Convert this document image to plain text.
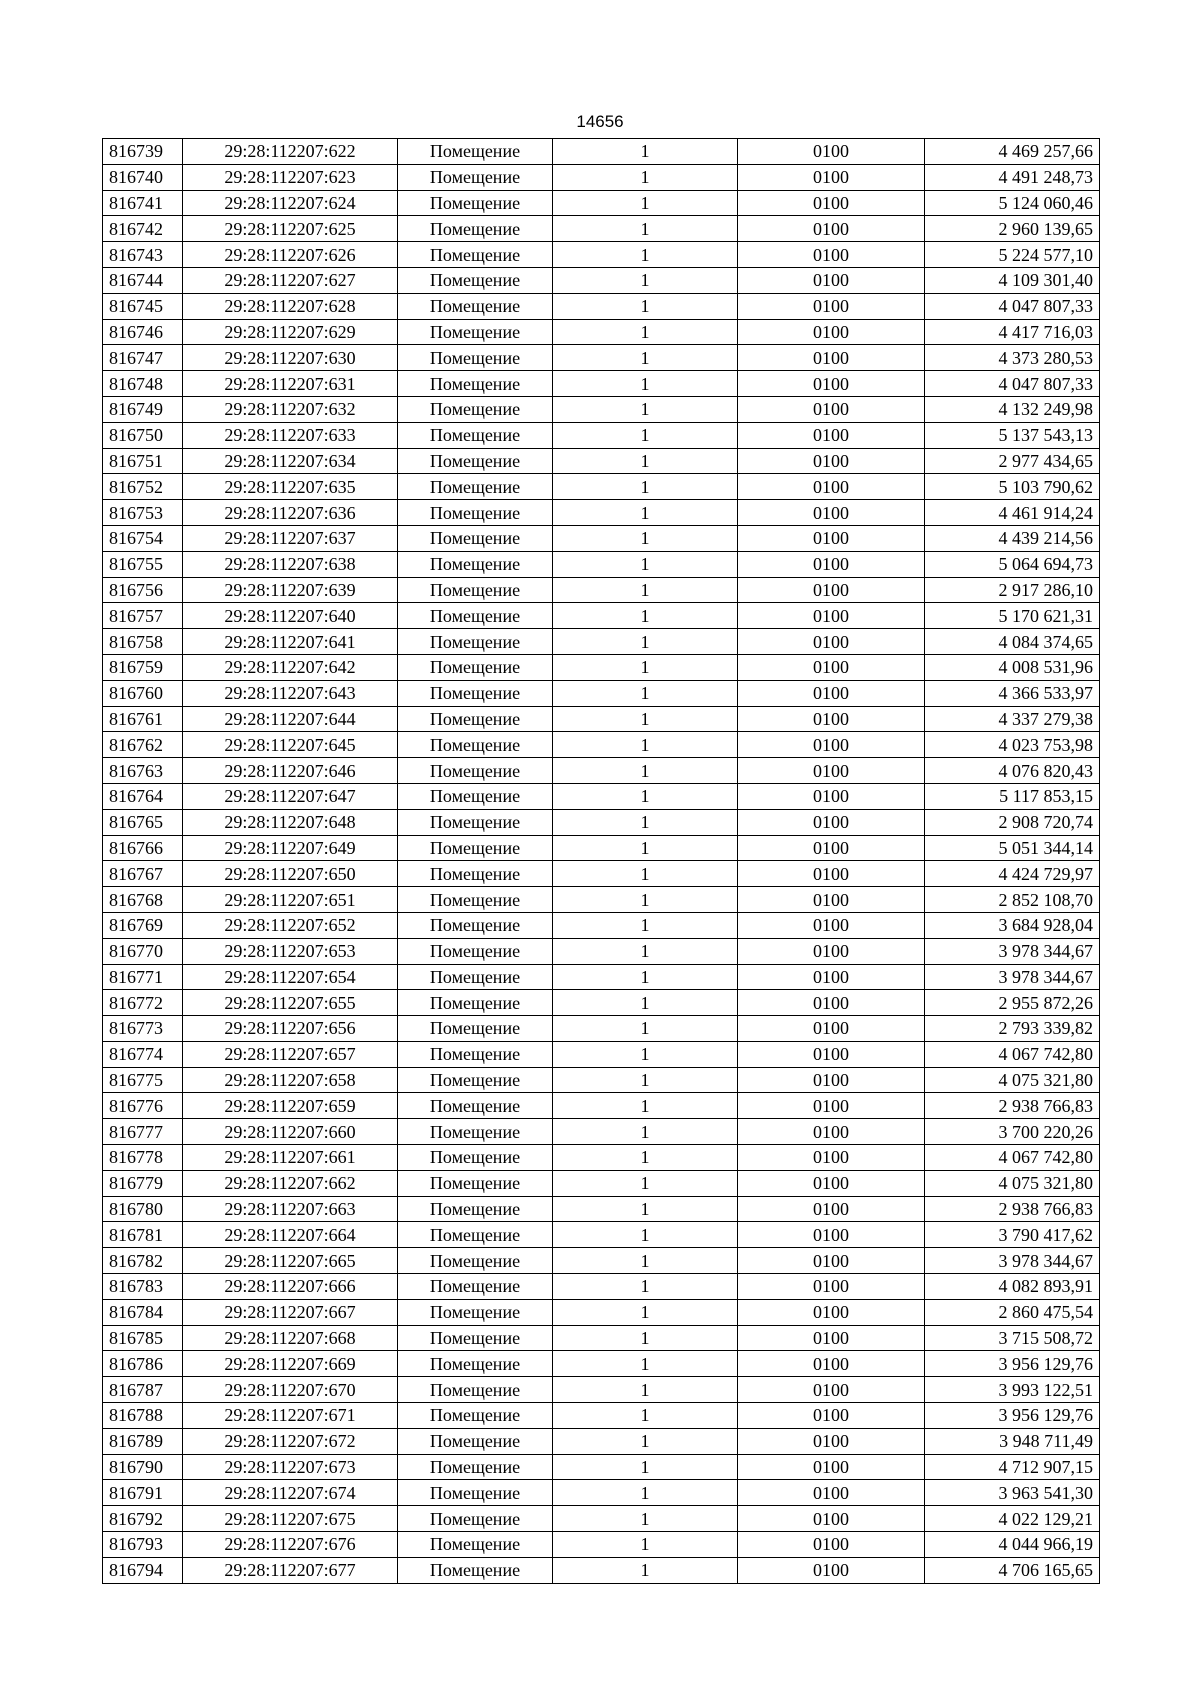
14656
816739	29:28:112207:622	Помещение	1	0100	4 469 257,66
816740	29:28:112207:623	Помещение	1	0100	4 491 248,73
816741	29:28:112207:624	Помещение	1	0100	5 124 060,46
816742	29:28:112207:625	Помещение	1	0100	2 960 139,65
816743	29:28:112207:626	Помещение	1	0100	5 224 577,10
816744	29:28:112207:627	Помещение	1	0100	4 109 301,40
816745	29:28:112207:628	Помещение	1	0100	4 047 807,33
816746	29:28:112207:629	Помещение	1	0100	4 417 716,03
816747	29:28:112207:630	Помещение	1	0100	4 373 280,53
816748	29:28:112207:631	Помещение	1	0100	4 047 807,33
816749	29:28:112207:632	Помещение	1	0100	4 132 249,98
816750	29:28:112207:633	Помещение	1	0100	5 137 543,13
816751	29:28:112207:634	Помещение	1	0100	2 977 434,65
816752	29:28:112207:635	Помещение	1	0100	5 103 790,62
816753	29:28:112207:636	Помещение	1	0100	4 461 914,24
816754	29:28:112207:637	Помещение	1	0100	4 439 214,56
816755	29:28:112207:638	Помещение	1	0100	5 064 694,73
816756	29:28:112207:639	Помещение	1	0100	2 917 286,10
816757	29:28:112207:640	Помещение	1	0100	5 170 621,31
816758	29:28:112207:641	Помещение	1	0100	4 084 374,65
816759	29:28:112207:642	Помещение	1	0100	4 008 531,96
816760	29:28:112207:643	Помещение	1	0100	4 366 533,97
816761	29:28:112207:644	Помещение	1	0100	4 337 279,38
816762	29:28:112207:645	Помещение	1	0100	4 023 753,98
816763	29:28:112207:646	Помещение	1	0100	4 076 820,43
816764	29:28:112207:647	Помещение	1	0100	5 117 853,15
816765	29:28:112207:648	Помещение	1	0100	2 908 720,74
816766	29:28:112207:649	Помещение	1	0100	5 051 344,14
816767	29:28:112207:650	Помещение	1	0100	4 424 729,97
816768	29:28:112207:651	Помещение	1	0100	2 852 108,70
816769	29:28:112207:652	Помещение	1	0100	3 684 928,04
816770	29:28:112207:653	Помещение	1	0100	3 978 344,67
816771	29:28:112207:654	Помещение	1	0100	3 978 344,67
816772	29:28:112207:655	Помещение	1	0100	2 955 872,26
816773	29:28:112207:656	Помещение	1	0100	2 793 339,82
816774	29:28:112207:657	Помещение	1	0100	4 067 742,80
816775	29:28:112207:658	Помещение	1	0100	4 075 321,80
816776	29:28:112207:659	Помещение	1	0100	2 938 766,83
816777	29:28:112207:660	Помещение	1	0100	3 700 220,26
816778	29:28:112207:661	Помещение	1	0100	4 067 742,80
816779	29:28:112207:662	Помещение	1	0100	4 075 321,80
816780	29:28:112207:663	Помещение	1	0100	2 938 766,83
816781	29:28:112207:664	Помещение	1	0100	3 790 417,62
816782	29:28:112207:665	Помещение	1	0100	3 978 344,67
816783	29:28:112207:666	Помещение	1	0100	4 082 893,91
816784	29:28:112207:667	Помещение	1	0100	2 860 475,54
816785	29:28:112207:668	Помещение	1	0100	3 715 508,72
816786	29:28:112207:669	Помещение	1	0100	3 956 129,76
816787	29:28:112207:670	Помещение	1	0100	3 993 122,51
816788	29:28:112207:671	Помещение	1	0100	3 956 129,76
816789	29:28:112207:672	Помещение	1	0100	3 948 711,49
816790	29:28:112207:673	Помещение	1	0100	4 712 907,15
816791	29:28:112207:674	Помещение	1	0100	3 963 541,30
816792	29:28:112207:675	Помещение	1	0100	4 022 129,21
816793	29:28:112207:676	Помещение	1	0100	4 044 966,19
816794	29:28:112207:677	Помещение	1	0100	4 706 165,65
